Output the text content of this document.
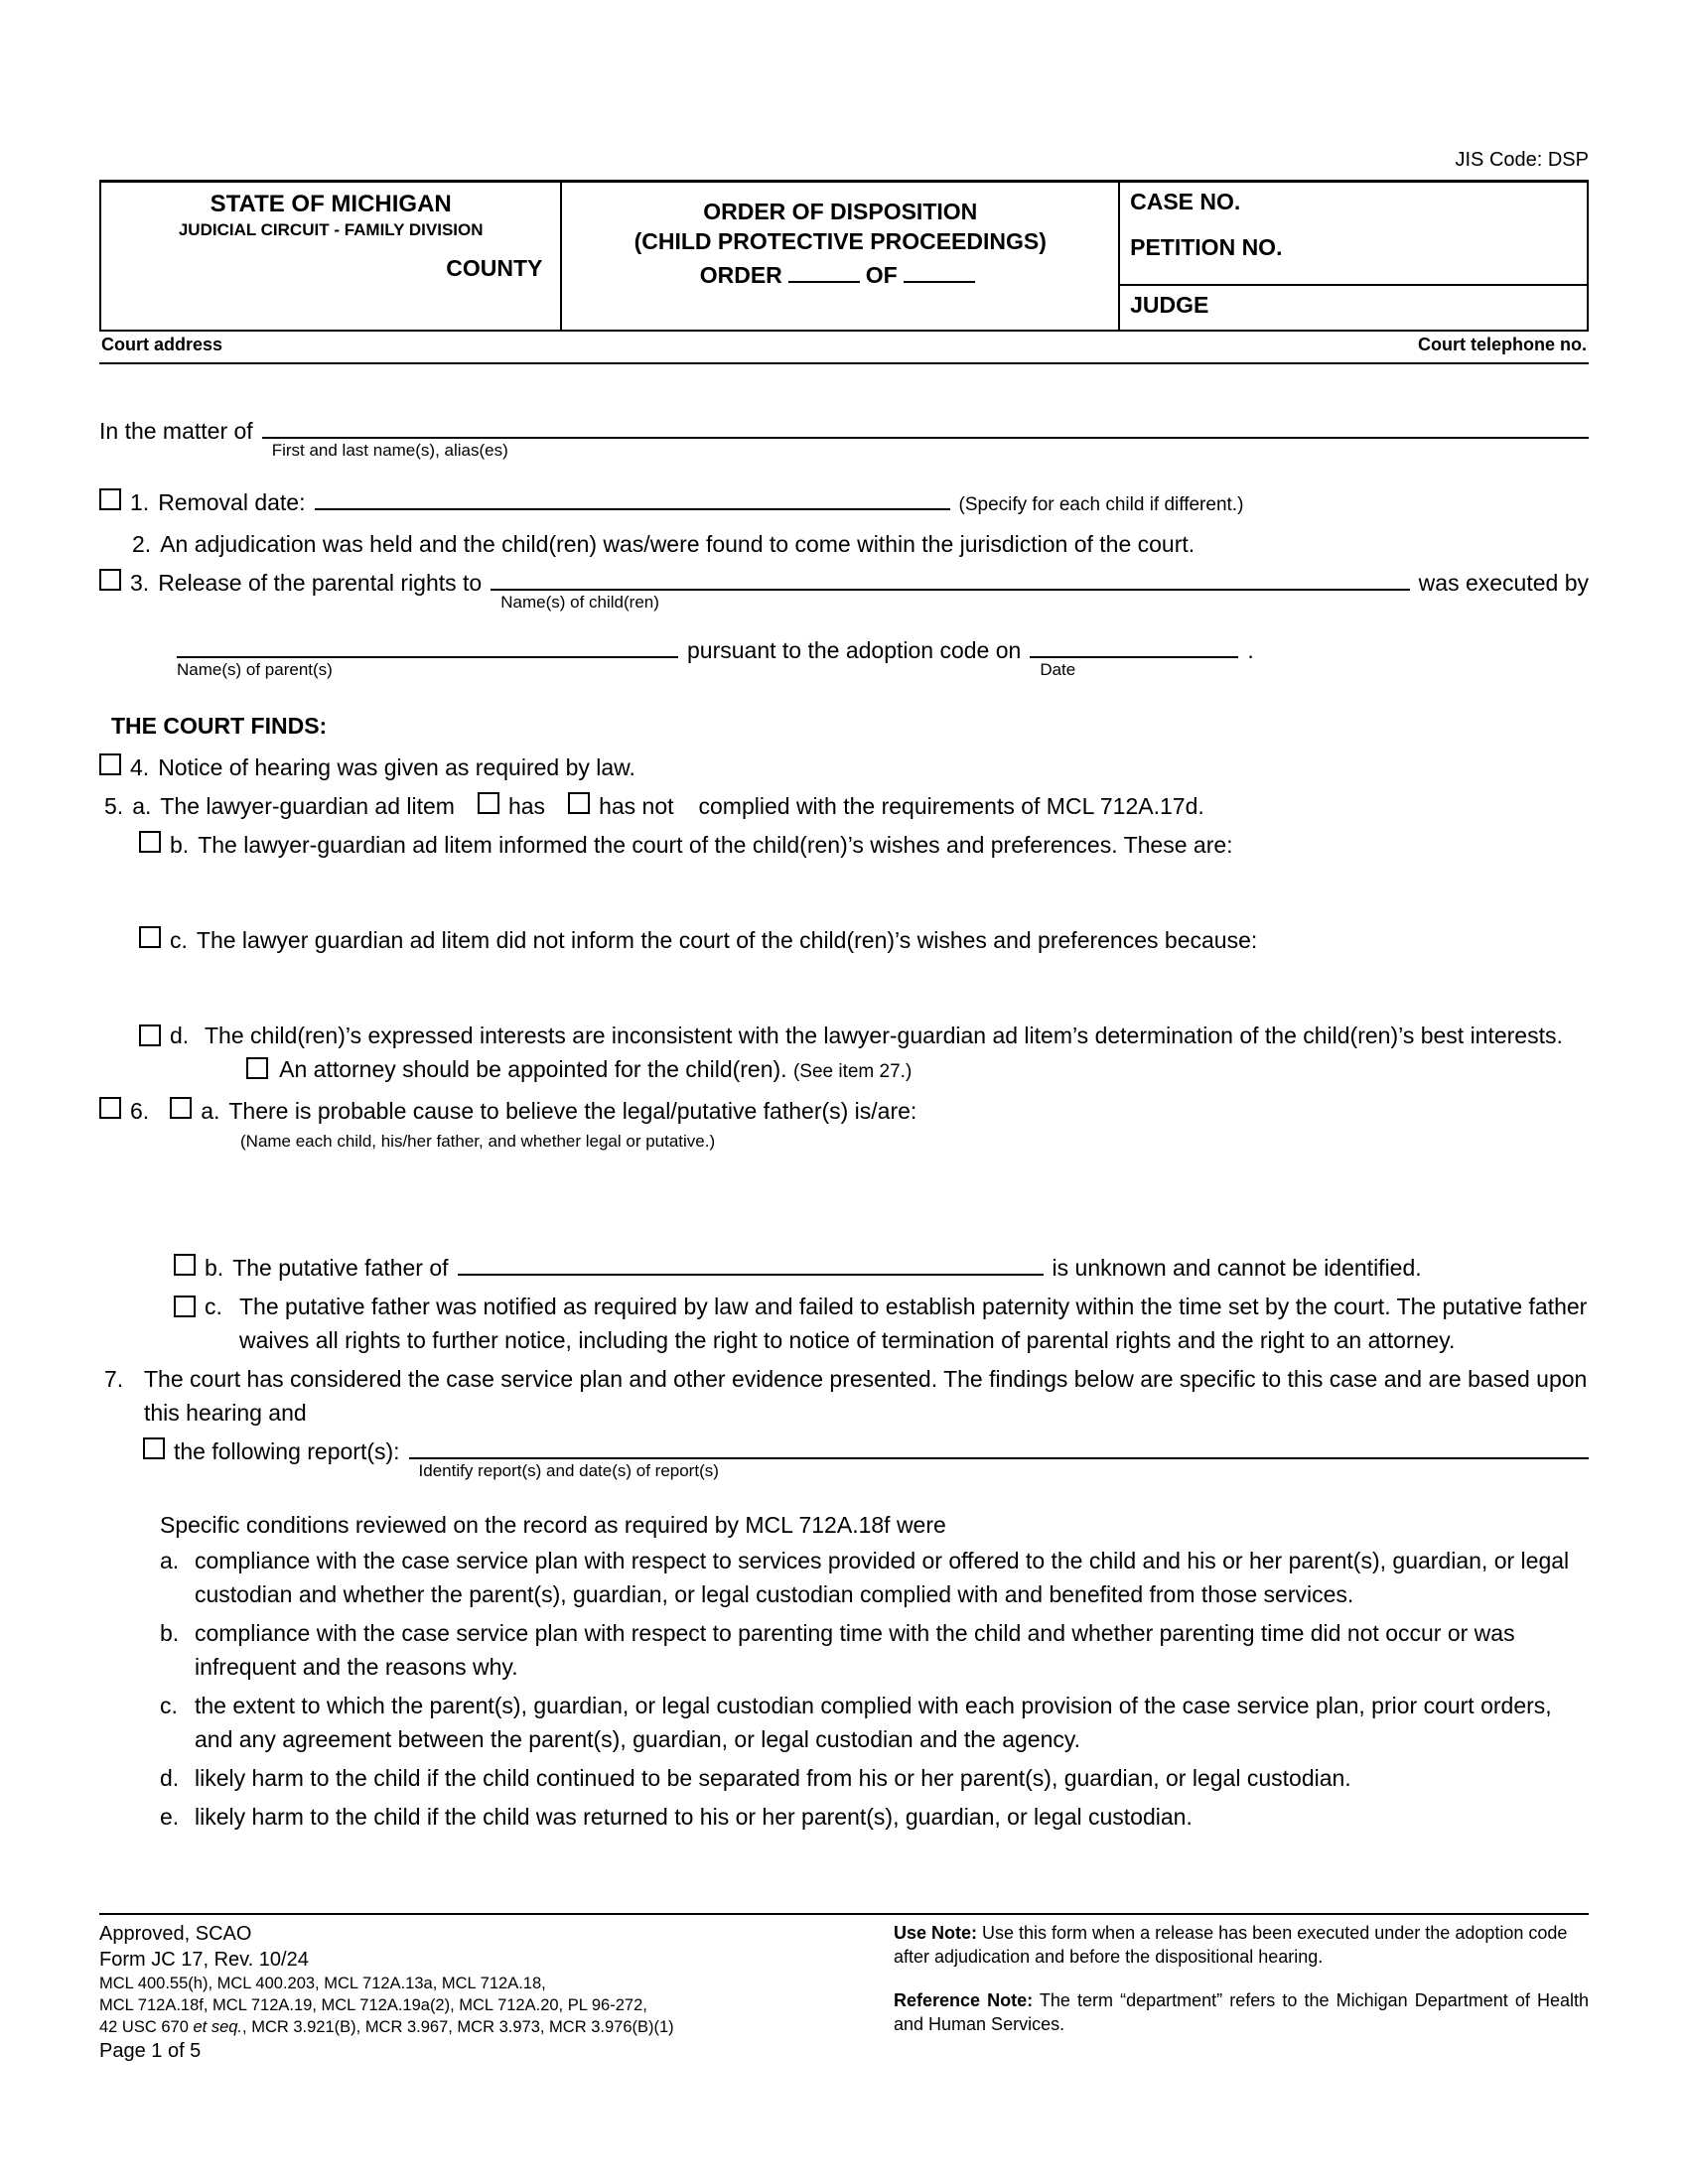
JIS Code: DSP
STATE OF MICHIGAN
JUDICIAL CIRCUIT - FAMILY DIVISION
COUNTY

ORDER OF DISPOSITION
(CHILD PROTECTIVE PROCEEDINGS)
ORDER	OF

CASE NO.
PETITION NO.
JUDGE
Court address	Court telephone no.
In the matter of
First and last name(s), alias(es)
1. Removal date:	(Specify for each child if different.)
2. An adjudication was held and the child(ren) was/were found to come within the jurisdiction of the court.
3. Release of the parental rights to
Name(s) of child(ren)
was executed by
Name(s) of parent(s)
pursuant to the adoption code on
Date
.
THE COURT FINDS:
4. Notice of hearing was given as required by law.
5. a. The lawyer-guardian ad litem has has not complied with the requirements of MCL 712A.17d.
b. The lawyer-guardian ad litem informed the court of the child(ren)’s wishes and preferences. These are:
c. The lawyer guardian ad litem did not inform the court of the child(ren)’s wishes and preferences because:
d. The child(ren)’s expressed interests are inconsistent with the lawyer-guardian ad litem’s determination of the child(ren)’s best interests.  An attorney should be appointed for the child(ren). (See item 27.)
6. a. There is probable cause to believe the legal/putative father(s) is/are:
(Name each child, his/her father, and whether legal or putative.)
b. The putative father of	is unknown and cannot be identified.
c. The putative father was notified as required by law and failed to establish paternity within the time set by the court. The putative father waives all rights to further notice, including the right to notice of termination of parental rights and the right to an attorney.
7. The court has considered the case service plan and other evidence presented. The findings below are specific to this case and are based upon this hearing and
the following report(s):
Identify report(s) and date(s) of report(s)
Specific conditions reviewed on the record as required by MCL 712A.18f were
a. compliance with the case service plan with respect to services provided or offered to the child and his or her parent(s), guardian, or legal custodian and whether the parent(s), guardian, or legal custodian complied with and benefited from those services.
b. compliance with the case service plan with respect to parenting time with the child and whether parenting time did not occur or was infrequent and the reasons why.
c. the extent to which the parent(s), guardian, or legal custodian complied with each provision of the case service plan, prior court orders, and any agreement between the parent(s), guardian, or legal custodian and the agency.
d. likely harm to the child if the child continued to be separated from his or her parent(s), guardian, or legal custodian.
e. likely harm to the child if the child was returned to his or her parent(s), guardian, or legal custodian.
Approved, SCAO
Form JC 17, Rev. 10/24
MCL 400.55(h), MCL 400.203, MCL 712A.13a, MCL 712A.18,
MCL 712A.18f, MCL 712A.19, MCL 712A.19a(2), MCL 712A.20, PL 96-272,
42 USC 670 et seq., MCR 3.921(B), MCR 3.967, MCR 3.973, MCR 3.976(B)(1)
Page 1 of 5
Use Note: Use this form when a release has been executed under the adoption code after adjudication and before the dispositional hearing.
Reference Note: The term “department” refers to the Michigan Department of Health and Human Services.
